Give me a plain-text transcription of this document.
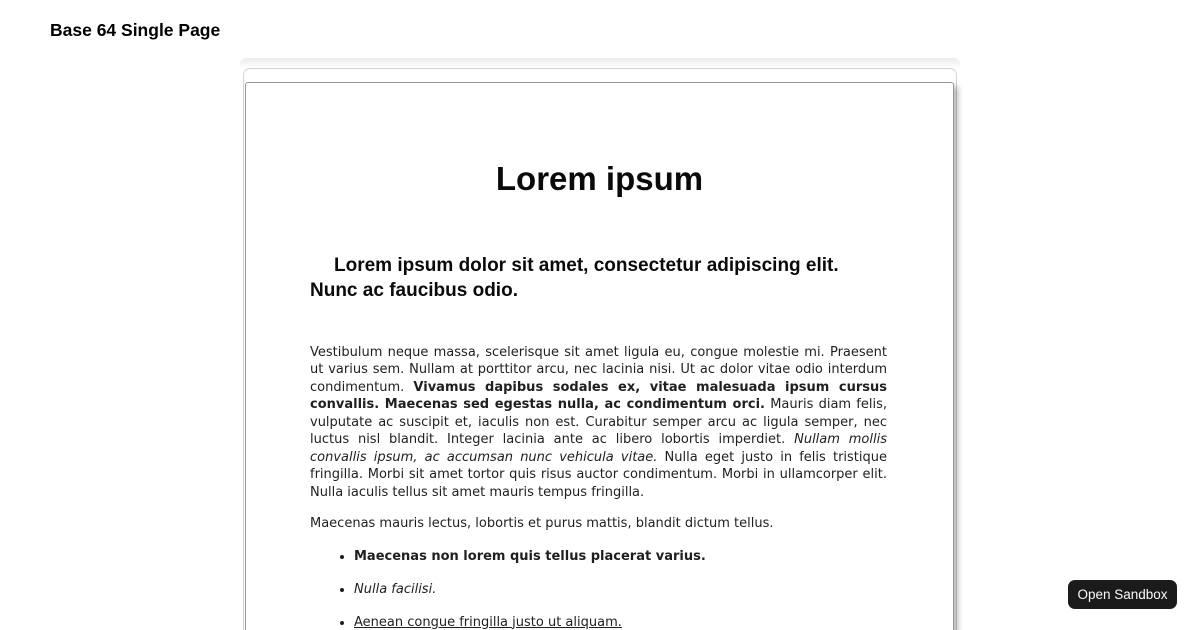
Base 64 Single Page
Lorem ipsum
Lorem ipsum dolor sit amet, consectetur adipiscing elit. Nunc ac faucibus odio.

Vestibulum neque massa, scelerisque sit amet ligula eu, congue molestie mi. Praesent ut varius sem. Nullam at porttitor arcu, nec lacinia nisi. Ut ac dolor vitae odio interdum condimentum. Vivamus dapibus sodales ex, vitae malesuada ipsum cursus convallis. Maecenas sed egestas nulla, ac condimentum orci. Mauris diam felis, vulputate ac suscipit et, iaculis non est. Curabitur semper arcu ac ligula semper, nec luctus nisl blandit. Integer lacinia ante ac libero lobortis imperdiet. Nullam mollis convallis ipsum, ac accumsan nunc vehicula vitae. Nulla eget justo in felis tristique fringilla. Morbi sit amet tortor quis risus auctor condimentum. Morbi in ullamcorper elit. Nulla iaculis tellus sit amet mauris tempus fringilla.

Maecenas mauris lectus, lobortis et purus mattis, blandit dictum tellus.

• Maecenas non lorem quis tellus placerat varius.
• Nulla facilisi.
• Aenean congue fringilla justo ut aliquam.
Open Sandbox
